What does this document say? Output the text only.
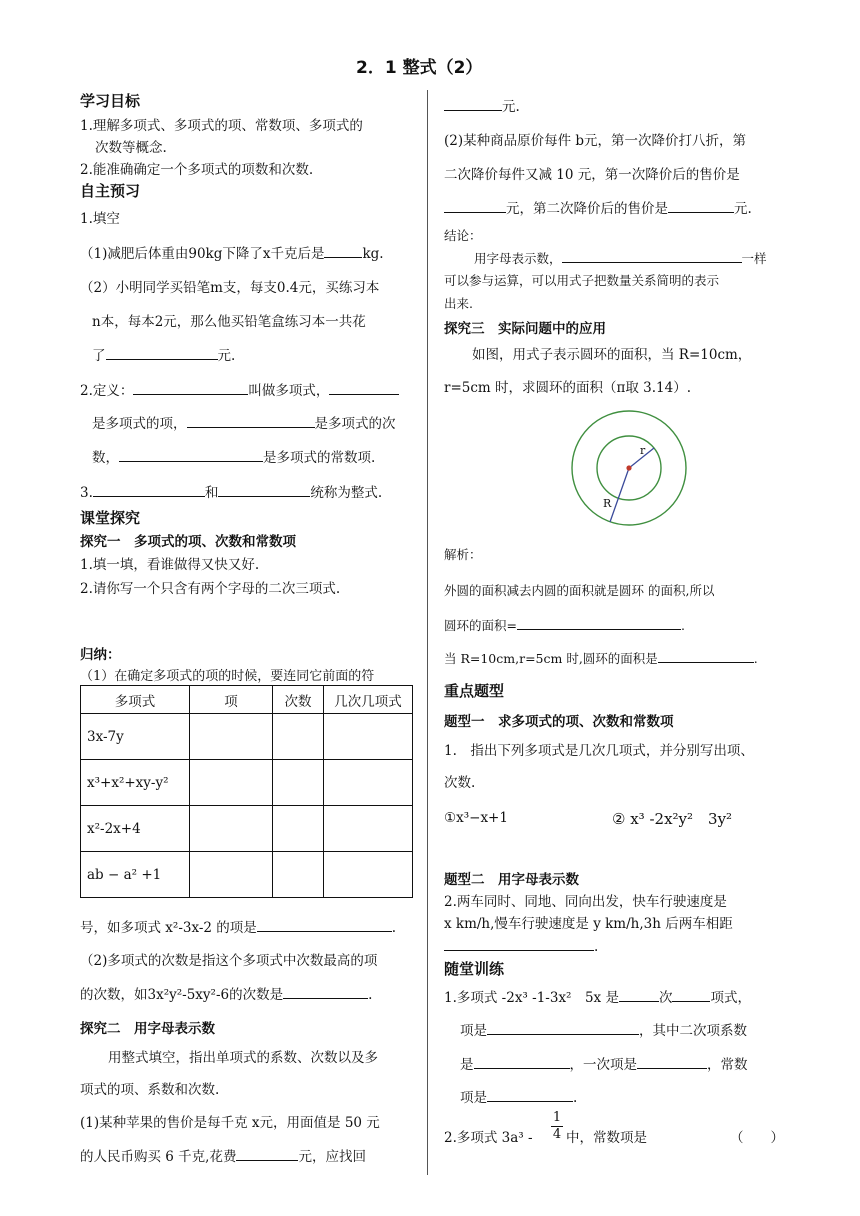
2．1 整式（2）
学习目标
1.理解多项式、多项式的项、常数项、多项式的
次数等概念.
2.能准确确定一个多项式的项数和次数.
自主预习
1.填空
（1)减肥后体重由90kg下降了x千克后是	kg.
（2）小明同学买铅笔m支，每支0.4元，买练习本
n本，每本2元，那么他买铅笔盒练习本一共花
了	元.
2.定义：	叫做多项式，
是多项式的项，	是多项式的次
数，	是多项式的常数项.
3.	和	统称为整式.
课堂探究
探究一　多项式的项、次数和常数项
1.填一填，看谁做得又快又好.
2.请你写一个只含有两个字母的二次三项式.
归纳：
（1）在确定多项式的项的时候，要连同它前面的符
多项式	项	次数	几次几项式
3x-7y			
x³+x²+xy-y²			
x²-2x+4			
ab − a² +1			
号，如多项式 x²-3x-2 的项是	.
（2)多项式的次数是指这个多项式中次数最高的项
的次数，如3x²y²-5xy²-6的次数是	.
探究二　用字母表示数
用整式填空，指出单项式的系数、次数以及多
项式的项、系数和次数.
(1)某种苹果的售价是每千克 x元，用面值是 50 元
的人民币购买 6 千克,花费	元，应找回
元.
(2)某种商品原价每件 b元，第一次降价打八折，第
二次降价每件又减 10 元，第一次降价后的售价是
元，第二次降价后的售价是	元.
结论：
用字母表示数，	一样
可以参与运算，可以用式子把数量关系简明的表示
出来.
探究三　实际问题中的应用
如图，用式子表示圆环的面积，当 R=10cm，
r=5cm 时，求圆环的面积（π取 3.14）.
r
R
解析：
外圆的面积减去内圆的面积就是圆环 的面积,所以
圆环的面积=	.
当 R=10cm,r=5cm 时,圆环的面积是	.
重点题型
题型一　求多项式的项、次数和常数项
1.　指出下列多项式是几次几项式，并分别写出项、
次数.
①x³−x+1	② x³ -2x²y²　3y²
题型二　用字母表示数
2.两车同时、同地、同向出发，快车行驶速度是
x km/h,慢车行驶速度是 y km/h,3h 后两车相距
.
随堂训练
1.多项式 -2x³ -1-3x²　5x 是	次	项式，
项是	，其中二次项系数
是	，一次项是	，常数
项是	.
2.多项式 $3a^3 - \frac{1}{4}$ 中，常数项是	（　　）
